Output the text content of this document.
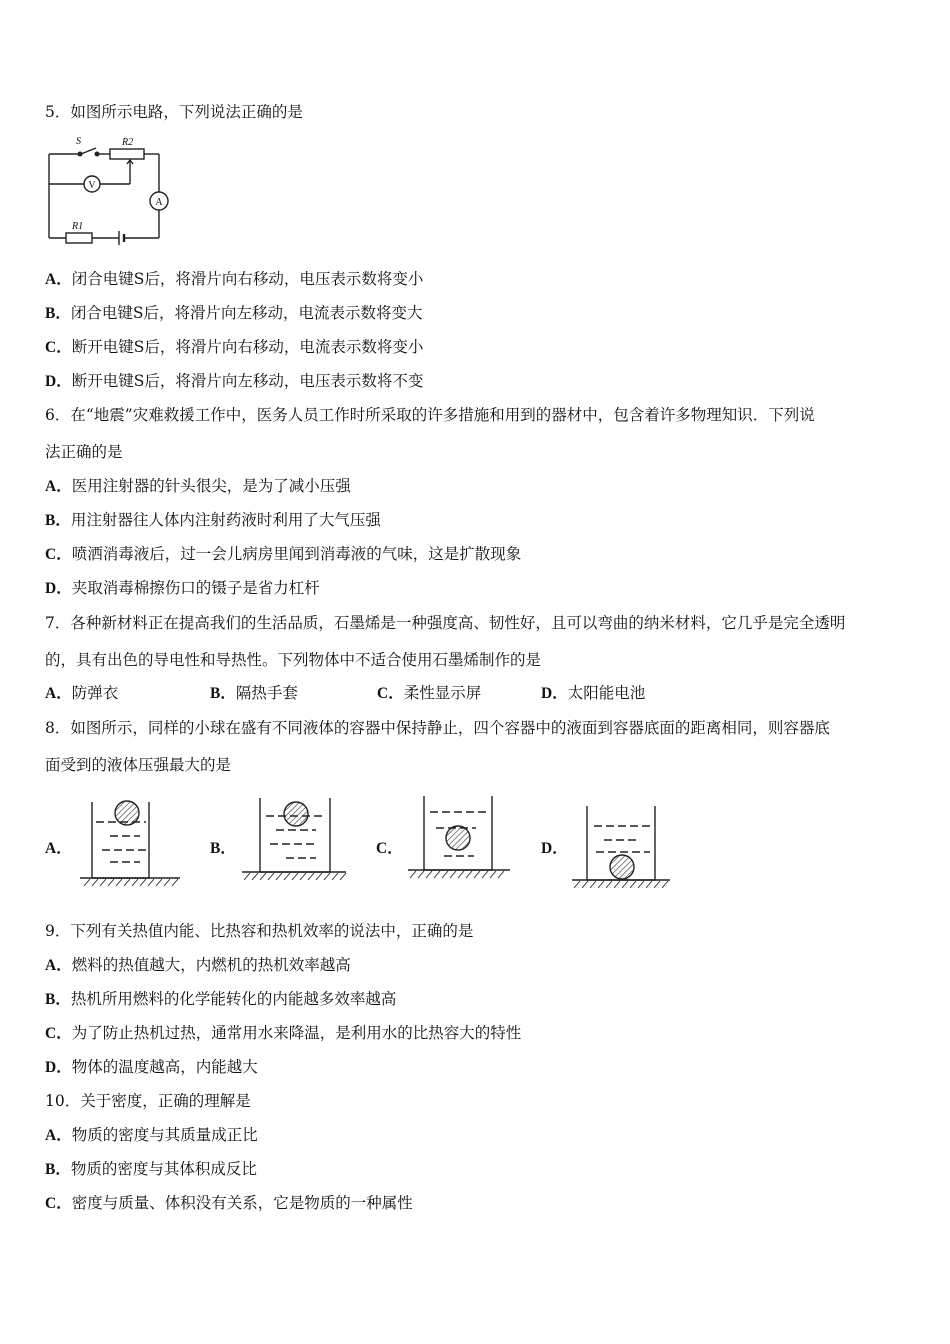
5．如图所示电路，下列说法正确的是
S	R2
R1
V
A
A．闭合电键S后，将滑片向右移动，电压表示数将变小
B．闭合电键S后，将滑片向左移动，电流表示数将变大
C．断开电键S后，将滑片向右移动，电流表示数将变小
D．断开电键S后，将滑片向左移动，电压表示数将不变
6．在“地震”灾难救援工作中，医务人员工作时所采取的许多措施和用到的器材中，包含着许多物理知识．下列说
法正确的是
A．医用注射器的针头很尖，是为了减小压强
B．用注射器往人体内注射药液时利用了大气压强
C．喷洒消毒液后，过一会儿病房里闻到消毒液的气味，这是扩散现象
D．夹取消毒棉擦伤口的镊子是省力杠杆
7．各种新材料正在提高我们的生活品质，石墨烯是一种强度高、韧性好，且可以弯曲的纳米材料，它几乎是完全透明
的，具有出色的导电性和导热性。下列物体中不适合使用石墨烯制作的是
A．防弹衣	B．隔热手套	C．柔性显示屏	D．太阳能电池
8．如图所示，同样的小球在盛有不同液体的容器中保持静止，四个容器中的液面到容器底面的距离相同，则容器底
面受到的液体压强最大的是
A．	B．	C．	D．
9．下列有关热值内能、比热容和热机效率的说法中，正确的是
A．燃料的热值越大，内燃机的热机效率越高
B．热机所用燃料的化学能转化的内能越多效率越高
C．为了防止热机过热，通常用水来降温，是利用水的比热容大的特性
D．物体的温度越高，内能越大
10．关于密度，正确的理解是
A．物质的密度与其质量成正比
B．物质的密度与其体积成反比
C．密度与质量、体积没有关系，它是物质的一种属性
